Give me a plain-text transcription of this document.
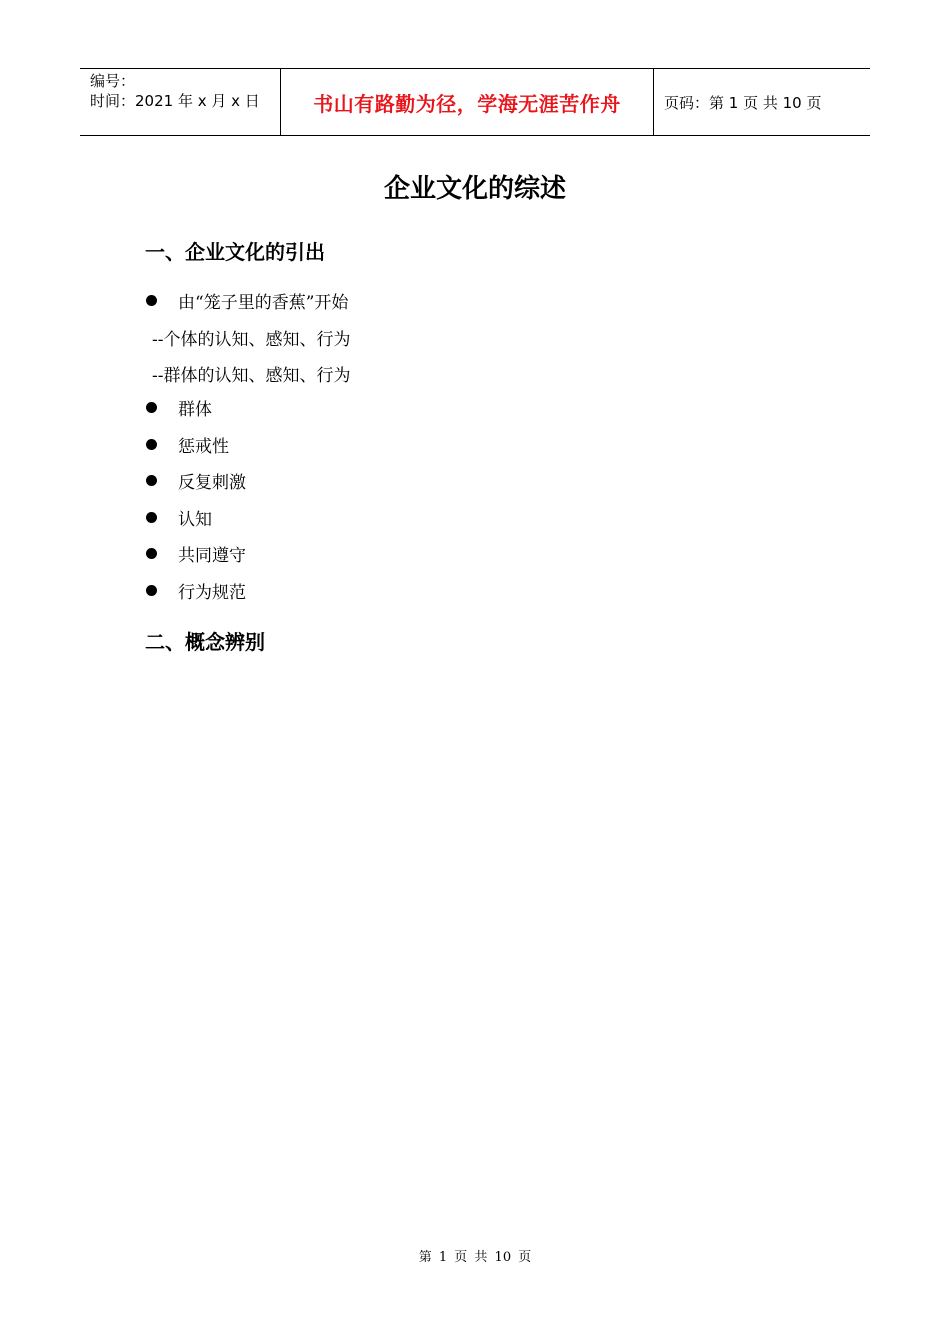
编号：
时间：2021 年 x 月 x 日	书山有路勤为径，学海无涯苦作舟	页码：第 1 页 共 10 页
企业文化的综述
一、企业文化的引出
由“笼子里的香蕉”开始
--个体的认知、感知、行为
--群体的认知、感知、行为
群体
惩戒性
反复刺激
认知
共同遵守
行为规范
二、概念辨别
第 1 页 共 10 页
